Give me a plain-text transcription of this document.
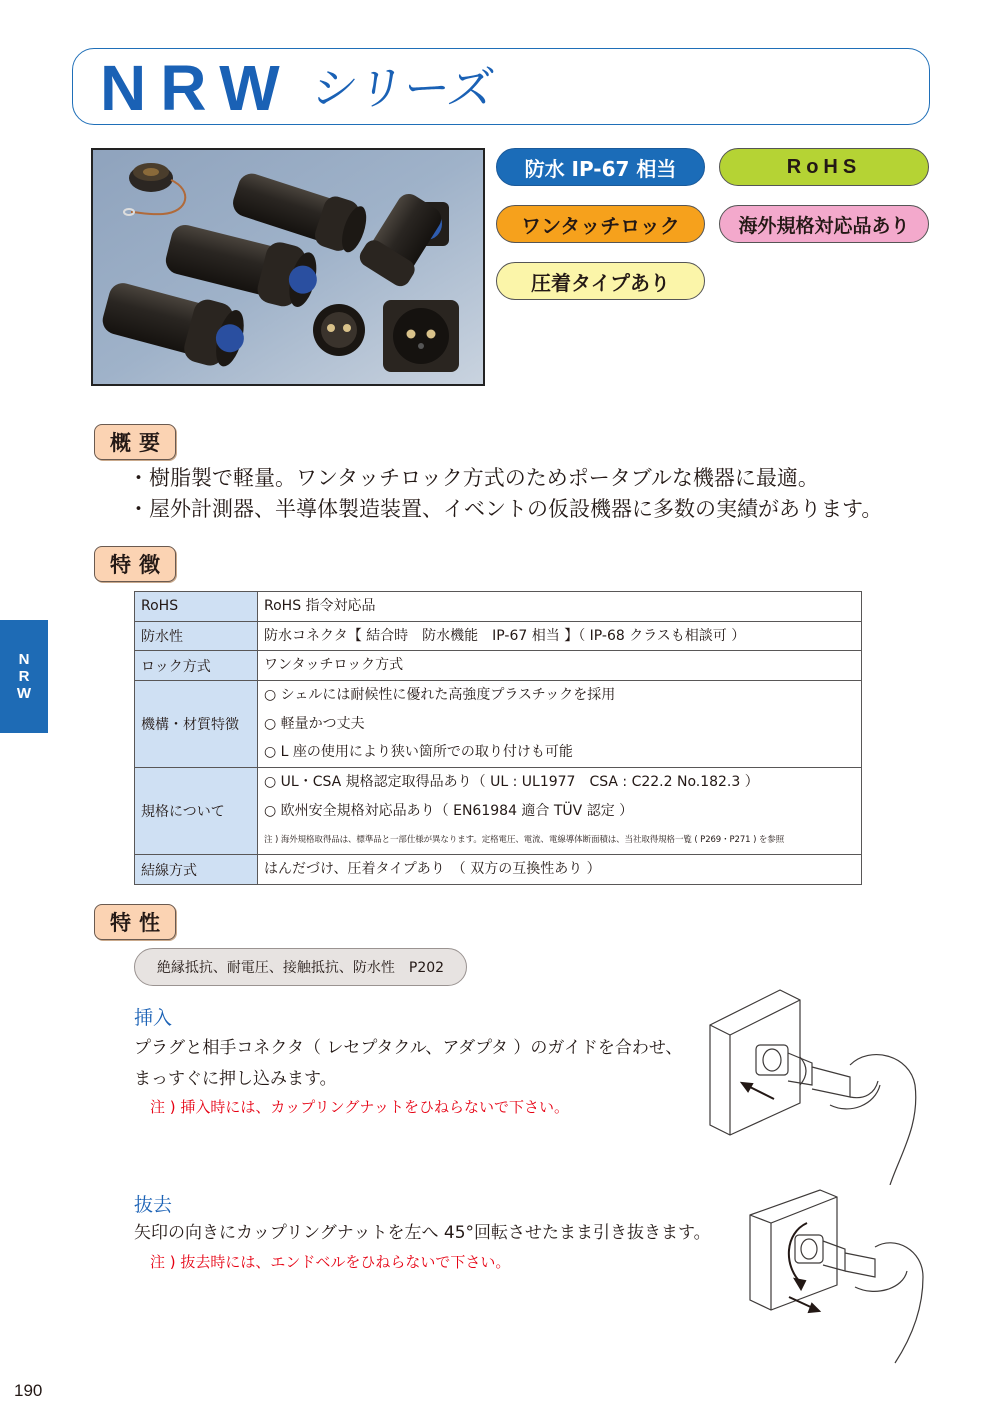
NRW シリーズ
防水 IP-67 相当	RoHS
ワンタッチロック	海外規格対応品あり
圧着タイプあり
概要
・樹脂製で軽量。ワンタッチロック方式のためポータブルな機器に最適。
・屋外計測器、半導体製造装置、イベントの仮設機器に多数の実績があります。
特徴
RoHS	RoHS 指令対応品

防水性	防水コネクタ【 結合時　防水機能　IP-67 相当 】（ IP-68 クラスも相談可 ）

ロック方式	ワンタッチロック方式

機構・材質特徴	○ シェルには耐候性に優れた高強度プラスチックを採用
○ 軽量かつ丈夫
○ L 座の使用により狭い箇所での取り付けも可能

規格について	○ UL・CSA 規格認定取得品あり（ UL : UL1977　CSA : C22.2 No.182.3 ）
○ 欧州安全規格対応品あり（ EN61984 適合 TÜV 認定 ）
注 ) 海外規格取得品は、標準品と一部仕様が異なります。定格電圧、電流、電線導体断面積は、当社取得規格一覧 ( P269・P271 ) を参照

結線方式	はんだづけ、圧着タイプあり　（ 双方の互換性あり ）
N
R
W
特性
絶縁抵抗、耐電圧、接触抵抗、防水性　P202
挿入
プラグと相手コネクタ（ レセプタクル、アダプタ ）のガイドを合わせ、
まっすぐに押し込みます。
注 ) 挿入時には、カップリングナットをひねらないで下さい。
抜去
矢印の向きにカップリングナットを左へ 45°回転させたまま引き抜きます。
注 ) 抜去時には、エンドベルをひねらないで下さい。
190
